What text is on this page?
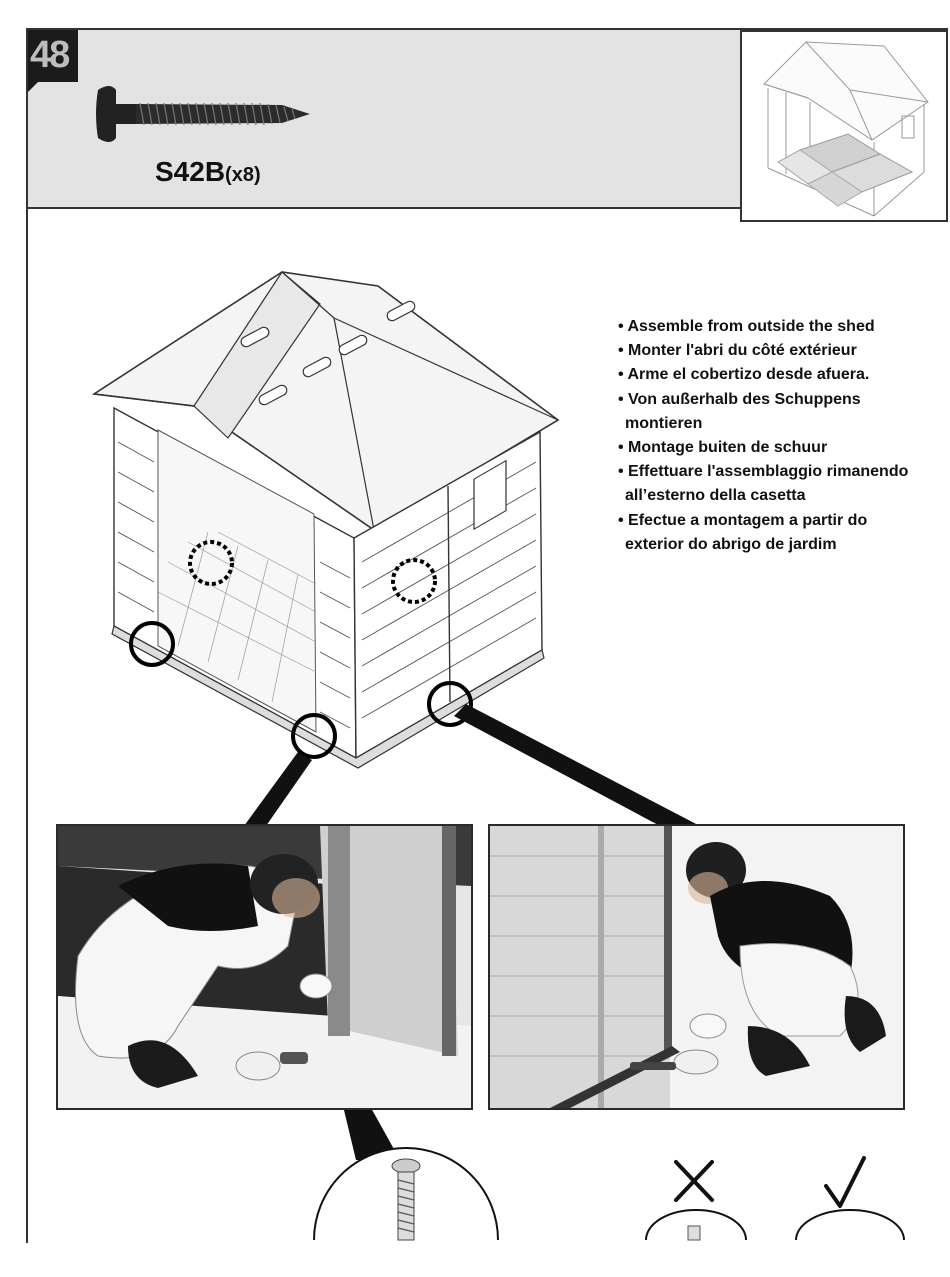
48
S42B(x8)
• Assemble from outside the shed
• Monter l'abri du côté extérieur
• Arme el cobertizo desde afuera.
• Von außerhalb des Schuppens
montieren
• Montage buiten de schuur
• Effettuare l'assemblaggio rimanendo
all’esterno della casetta
• Efectue a montagem a partir do
exterior do abrigo de jardim
